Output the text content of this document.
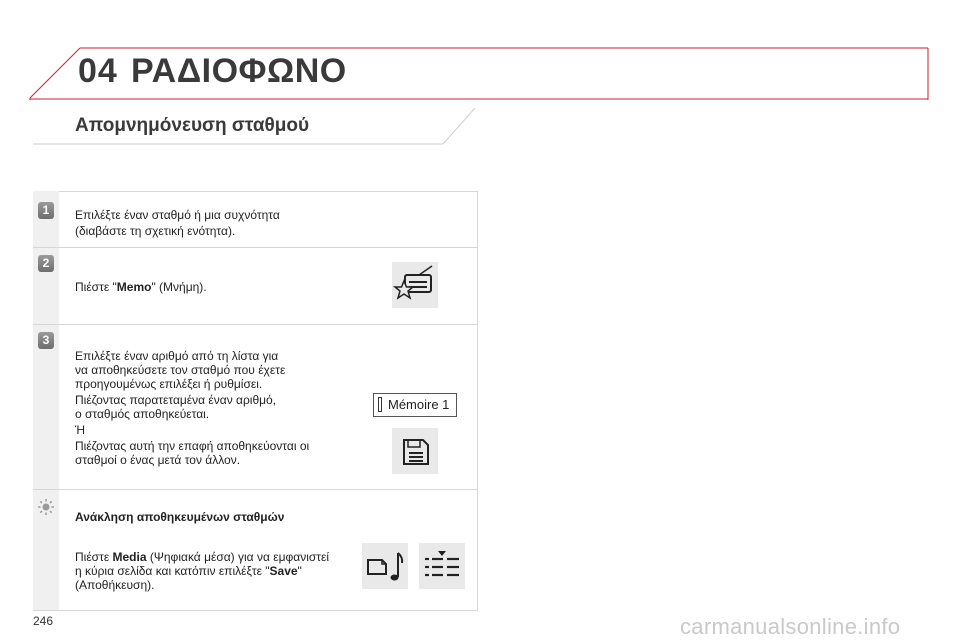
04 ΡΑΔΙΟΦΩΝΟ
Απομνημόνευση σταθμού
1	Επιλέξτε έναν σταθμό ή μια συχνότητα
(διαβάστε τη σχετική ενότητα).
2
Πιέστε "Memo" (Μνήμη).
3
Επιλέξτε έναν αριθμό από τη λίστα για
να αποθηκεύσετε τον σταθμό που έχετε
προηγουμένως επιλέξει ή ρυθμίσει.
Πιέζοντας παρατεταμένα έναν αριθμό,
ο σταθμός αποθηκεύεται.
Ή
Πιέζοντας αυτή την επαφή αποθηκεύονται οι
σταθμοί ο ένας μετά τον άλλον.
Mémoire 1
Ανάκληση αποθηκευμένων σταθμών
Πιέστε Media (Ψηφιακά μέσα) για να εμφανιστεί
η κύρια σελίδα και κατόπιν επιλέξτε "Save"
(Αποθήκευση).
246	carmanualsonline.info
